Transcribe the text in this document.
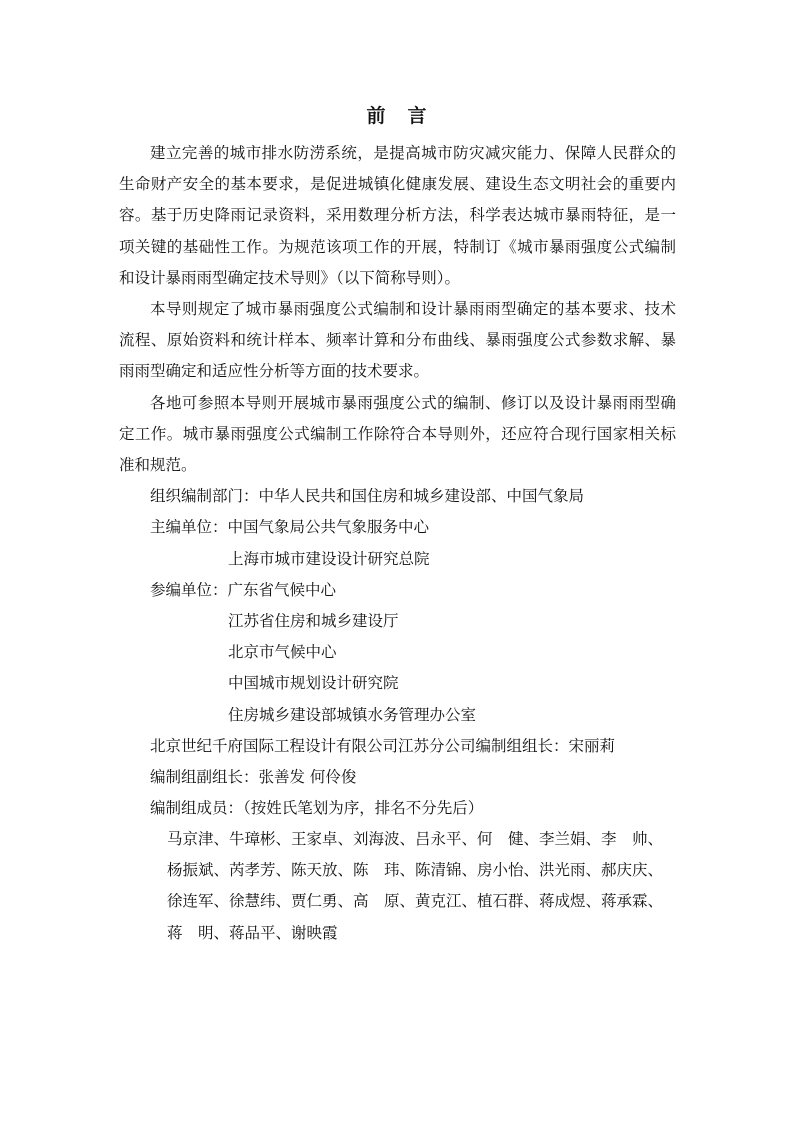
前言

建立完善的城市排水防涝系统，是提高城市防灾减灾能力、保障人民群众的生命财产安全的基本要求，是促进城镇化健康发展、建设生态文明社会的重要内容。基于历史降雨记录资料，采用数理分析方法，科学表达城市暴雨特征，是一项关键的基础性工作。为规范该项工作的开展，特制订《城市暴雨强度公式编制和设计暴雨雨型确定技术导则》（以下简称导则）。

本导则规定了城市暴雨强度公式编制和设计暴雨雨型确定的基本要求、技术流程、原始资料和统计样本、频率计算和分布曲线、暴雨强度公式参数求解、暴雨雨型确定和适应性分析等方面的技术要求。

各地可参照本导则开展城市暴雨强度公式的编制、修订以及设计暴雨雨型确定工作。城市暴雨强度公式编制工作除符合本导则外，还应符合现行国家相关标准和规范。

组织编制部门：中华人民共和国住房和城乡建设部、中国气象局

主编单位：中国气象局公共气象服务中心

上海市城市建设设计研究总院

参编单位：广东省气候中心

江苏省住房和城乡建设厅

北京市气候中心

中国城市规划设计研究院

住房城乡建设部城镇水务管理办公室

北京世纪千府国际工程设计有限公司江苏分公司编制组组长：宋丽莉

编制组副组长：张善发 何伶俊

编制组成员：（按姓氏笔划为序，排名不分先后）

马京津、牛璋彬、王家卓、刘海波、吕永平、何　健、李兰娟、李　帅、

杨振斌、芮孝芳、陈天放、陈　玮、陈清锦、房小怡、洪光雨、郝庆庆、

徐连军、徐慧纬、贾仁勇、高　原、黄克江、植石群、蒋成煜、蒋承霖、

蒋　明、蒋品平、谢映霞
